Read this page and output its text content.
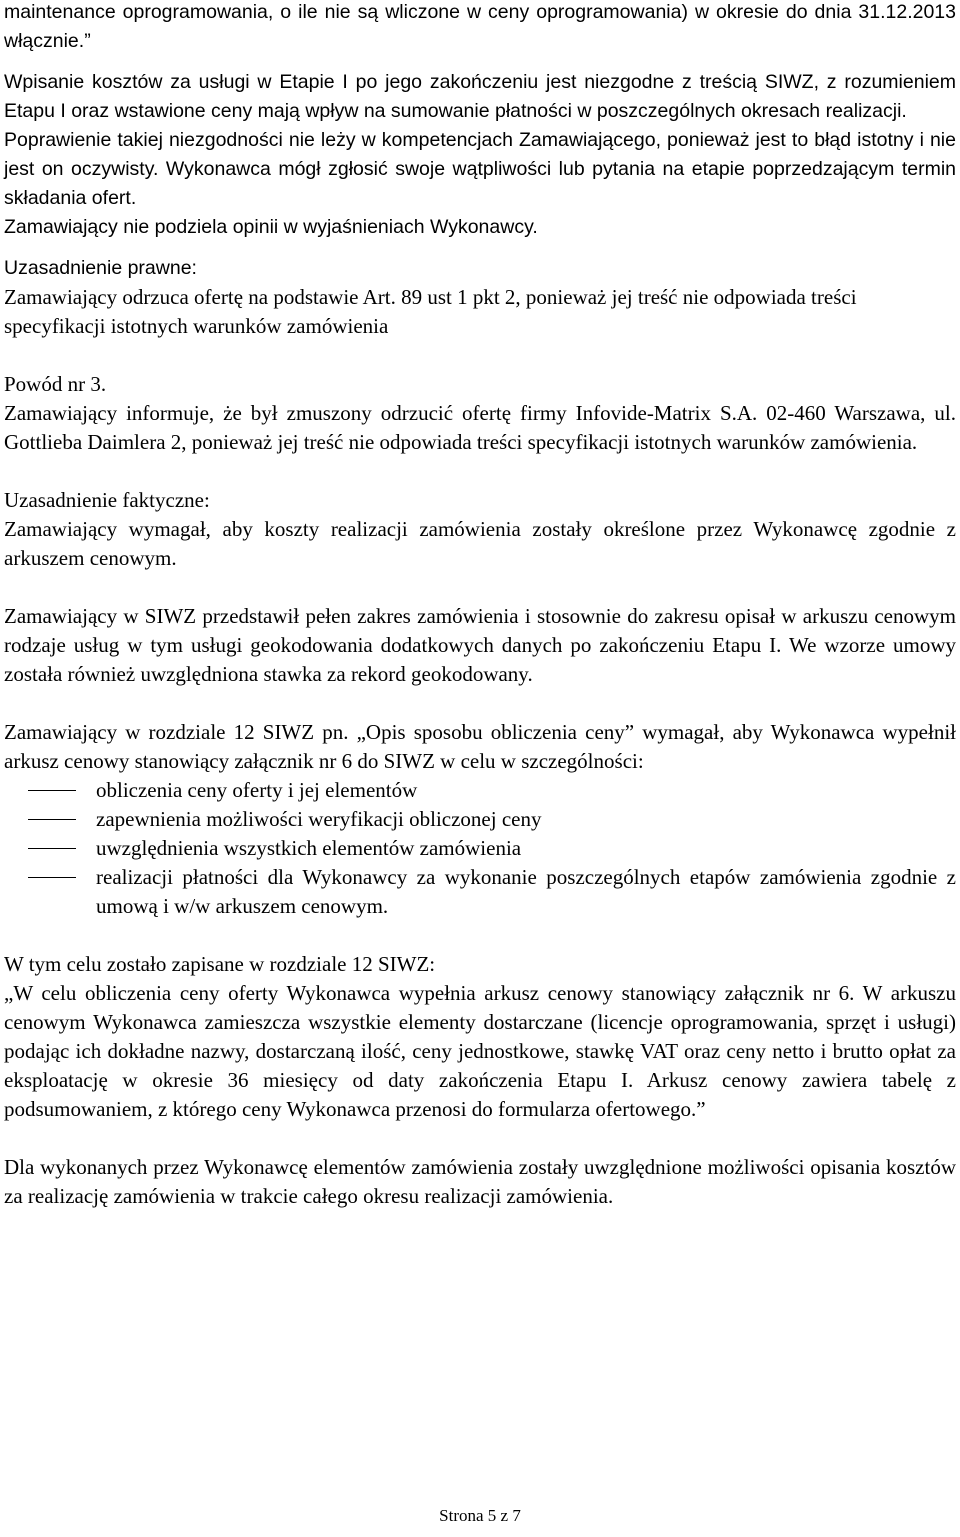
maintenance oprogramowania, o ile nie są wliczone w ceny oprogramowania) w okresie do dnia 31.12.2013 włącznie.”

Wpisanie kosztów za usługi w Etapie I po jego zakończeniu jest niezgodne z treścią SIWZ, z rozumieniem Etapu I oraz wstawione ceny mają wpływ na sumowanie płatności w poszczególnych okresach realizacji.

Poprawienie takiej niezgodności nie leży w kompetencjach Zamawiającego, ponieważ jest to błąd istotny i nie jest on oczywisty. Wykonawca mógł zgłosić swoje wątpliwości lub pytania na etapie poprzedzającym termin składania ofert.

Zamawiający nie podziela opinii w wyjaśnieniach Wykonawcy.

Uzasadnienie prawne:

Zamawiający odrzuca ofertę na podstawie Art. 89 ust 1 pkt 2, ponieważ jej treść nie odpowiada treści specyfikacji istotnych warunków zamówienia

Powód nr 3.

Zamawiający informuje, że był zmuszony odrzucić ofertę firmy Infovide-Matrix S.A. 02-460 Warszawa, ul. Gottlieba Daimlera 2, ponieważ jej treść nie odpowiada treści specyfikacji istotnych warunków zamówienia.

Uzasadnienie faktyczne:

Zamawiający wymagał, aby koszty realizacji zamówienia zostały określone przez Wykonawcę zgodnie z arkuszem cenowym.

Zamawiający w SIWZ przedstawił pełen zakres zamówienia i stosownie do zakresu opisał w arkuszu cenowym rodzaje usług w tym usługi geokodowania dodatkowych danych po zakończeniu Etapu I. We wzorze umowy została również uwzględniona stawka za rekord geokodowany.

Zamawiający w rozdziale 12 SIWZ pn. „Opis sposobu obliczenia ceny” wymagał, aby Wykonawca wypełnił arkusz cenowy stanowiący załącznik nr 6 do SIWZ w celu w szczególności:

obliczenia ceny oferty i jej elementów
zapewnienia możliwości weryfikacji obliczonej ceny
uwzględnienia wszystkich elementów zamówienia
realizacji płatności dla Wykonawcy za wykonanie poszczególnych etapów zamówienia zgodnie z umową i w/w arkuszem cenowym.

W tym celu zostało zapisane w rozdziale 12 SIWZ:

„W celu obliczenia ceny oferty Wykonawca wypełnia arkusz cenowy stanowiący załącznik nr 6. W arkuszu cenowym Wykonawca zamieszcza wszystkie elementy dostarczane (licencje oprogramowania, sprzęt i usługi) podając ich dokładne nazwy, dostarczaną ilość, ceny jednostkowe, stawkę VAT oraz ceny netto i brutto opłat za eksploatację w okresie 36 miesięcy od daty zakończenia Etapu I. Arkusz cenowy zawiera tabelę z podsumowaniem, z którego ceny Wykonawca przenosi do formularza ofertowego.”

Dla wykonanych przez Wykonawcę elementów zamówienia zostały uwzględnione możliwości opisania kosztów za realizację zamówienia w trakcie całego okresu realizacji zamówienia.

Strona 5 z 7
